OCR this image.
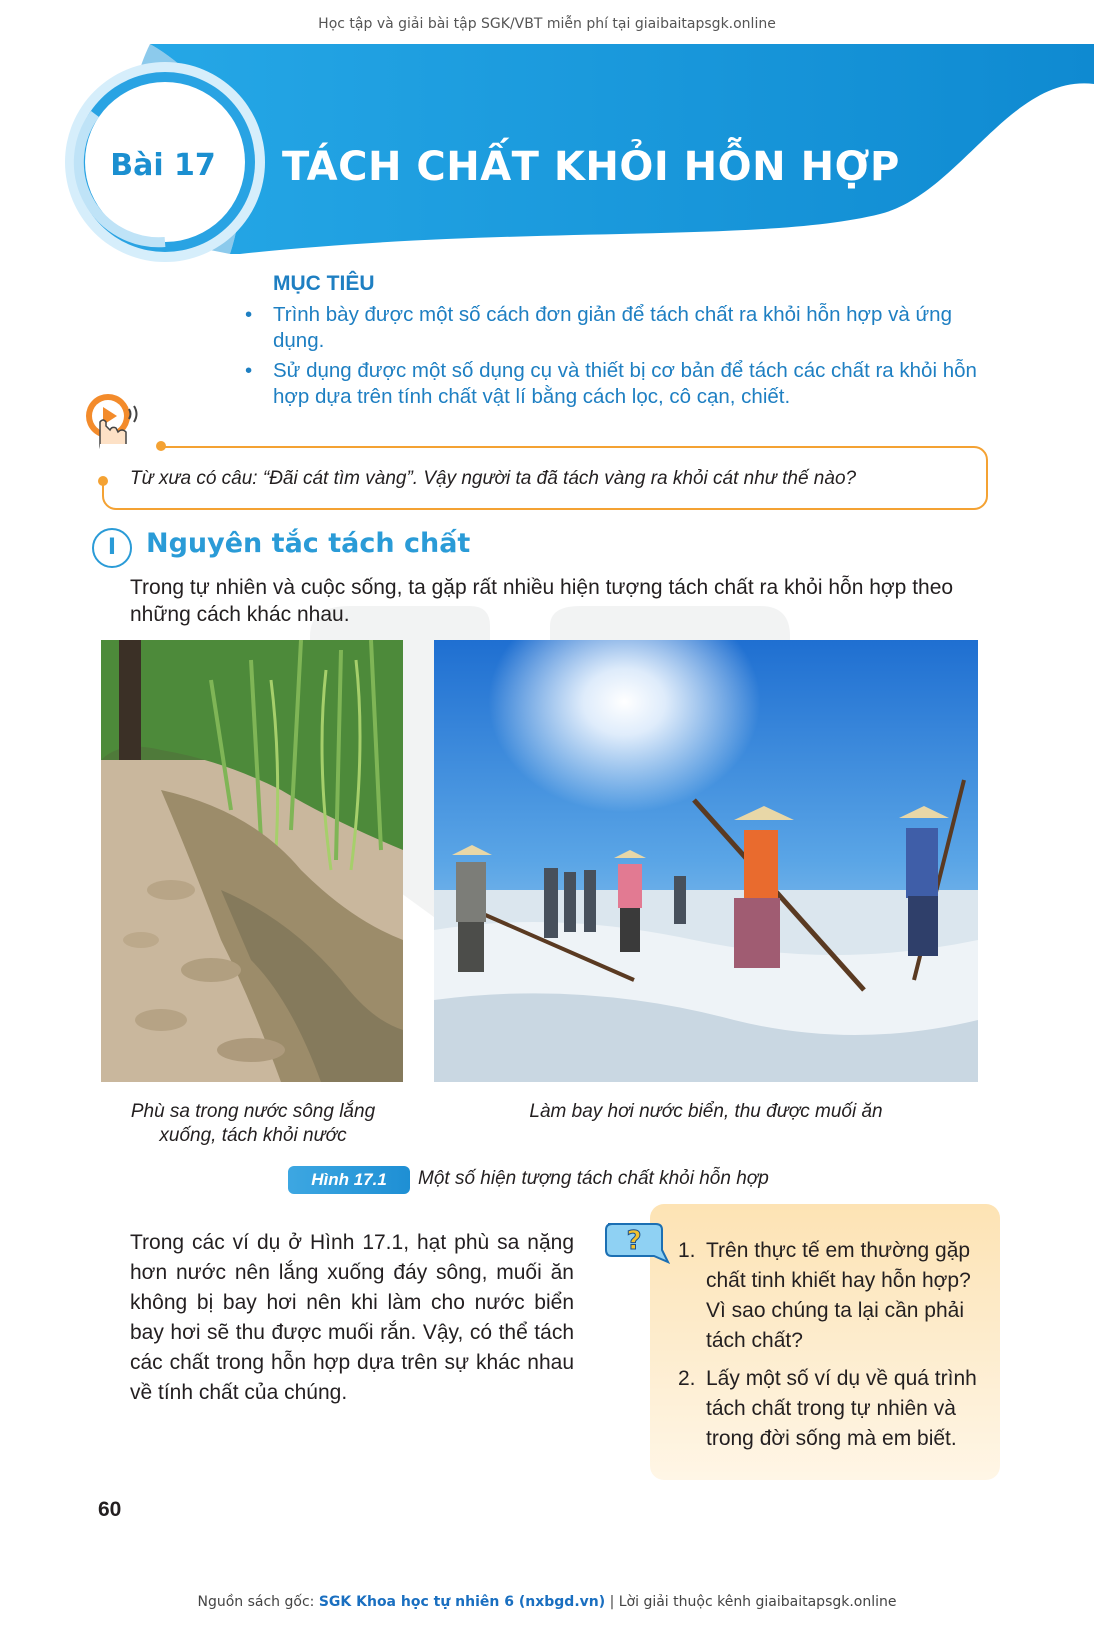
Học tập và giải bài tập SGK/VBT miễn phí tại giaibaitapsgk.online
Bài 17 TÁCH CHẤT KHỎI HỖN HỢP
MỤC TIÊU
• Trình bày được một số cách đơn giản để tách chất ra khỏi hỗn hợp và ứng dụng.
• Sử dụng được một số dụng cụ và thiết bị cơ bản để tách các chất ra khỏi hỗn hợp dựa trên tính chất vật lí bằng cách lọc, cô cạn, chiết.
Từ xưa có câu: “Đãi cát tìm vàng”. Vậy người ta đã tách vàng ra khỏi cát như thế nào?
I	Nguyên tắc tách chất
Trong tự nhiên và cuộc sống, ta gặp rất nhiều hiện tượng tách chất ra khỏi hỗn hợp theo những cách khác nhau.
Phù sa trong nước sông lắng xuống, tách khỏi nước
Làm bay hơi nước biển, thu được muối ăn
Hình 17.1	Một số hiện tượng tách chất khỏi hỗn hợp
Trong các ví dụ ở Hình 17.1, hạt phù sa nặng hơn nước nên lắng xuống đáy sông, muối ăn không bị bay hơi nên khi làm cho nước biển bay hơi sẽ thu được muối rắn. Vậy, có thể tách các chất trong hỗn hợp dựa trên sự khác nhau về tính chất của chúng.
? 1. Trên thực tế em thường gặp chất tinh khiết hay hỗn hợp? Vì sao chúng ta lại cần phải tách chất?
2. Lấy một số ví dụ về quá trình tách chất trong tự nhiên và trong đời sống mà em biết.
60
Nguồn sách gốc: SGK Khoa học tự nhiên 6 (nxbgd.vn) | Lời giải thuộc kênh giaibaitapsgk.online
